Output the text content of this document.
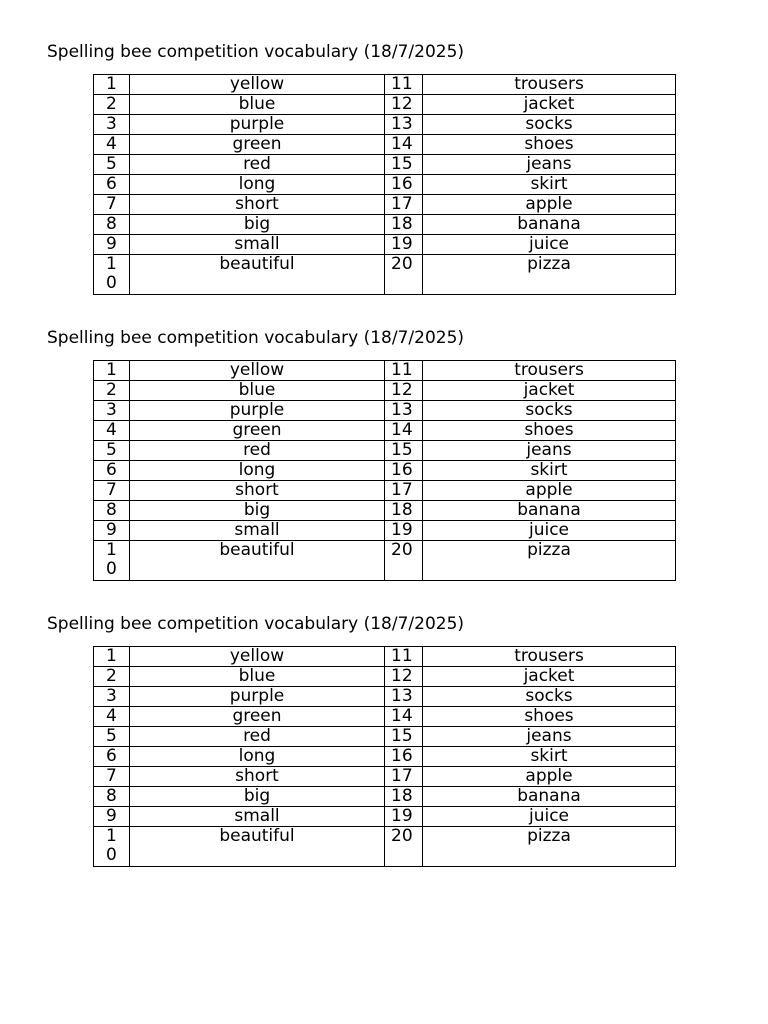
Spelling bee competition vocabulary (18/7/2025)
1	yellow	11	trousers

2	blue	12	jacket

3	purple	13	socks

4	green	14	shoes

5	red	15	jeans

6	long	16	skirt

7	short	17	apple

8	big	18	banana

9	small	19	juice

10	beautiful	20	pizza
Spelling bee competition vocabulary (18/7/2025)
1	yellow	11	trousers

2	blue	12	jacket

3	purple	13	socks

4	green	14	shoes

5	red	15	jeans

6	long	16	skirt

7	short	17	apple

8	big	18	banana

9	small	19	juice

10	beautiful	20	pizza
Spelling bee competition vocabulary (18/7/2025)
1	yellow	11	trousers

2	blue	12	jacket

3	purple	13	socks

4	green	14	shoes

5	red	15	jeans

6	long	16	skirt

7	short	17	apple

8	big	18	banana

9	small	19	juice

10	beautiful	20	pizza
